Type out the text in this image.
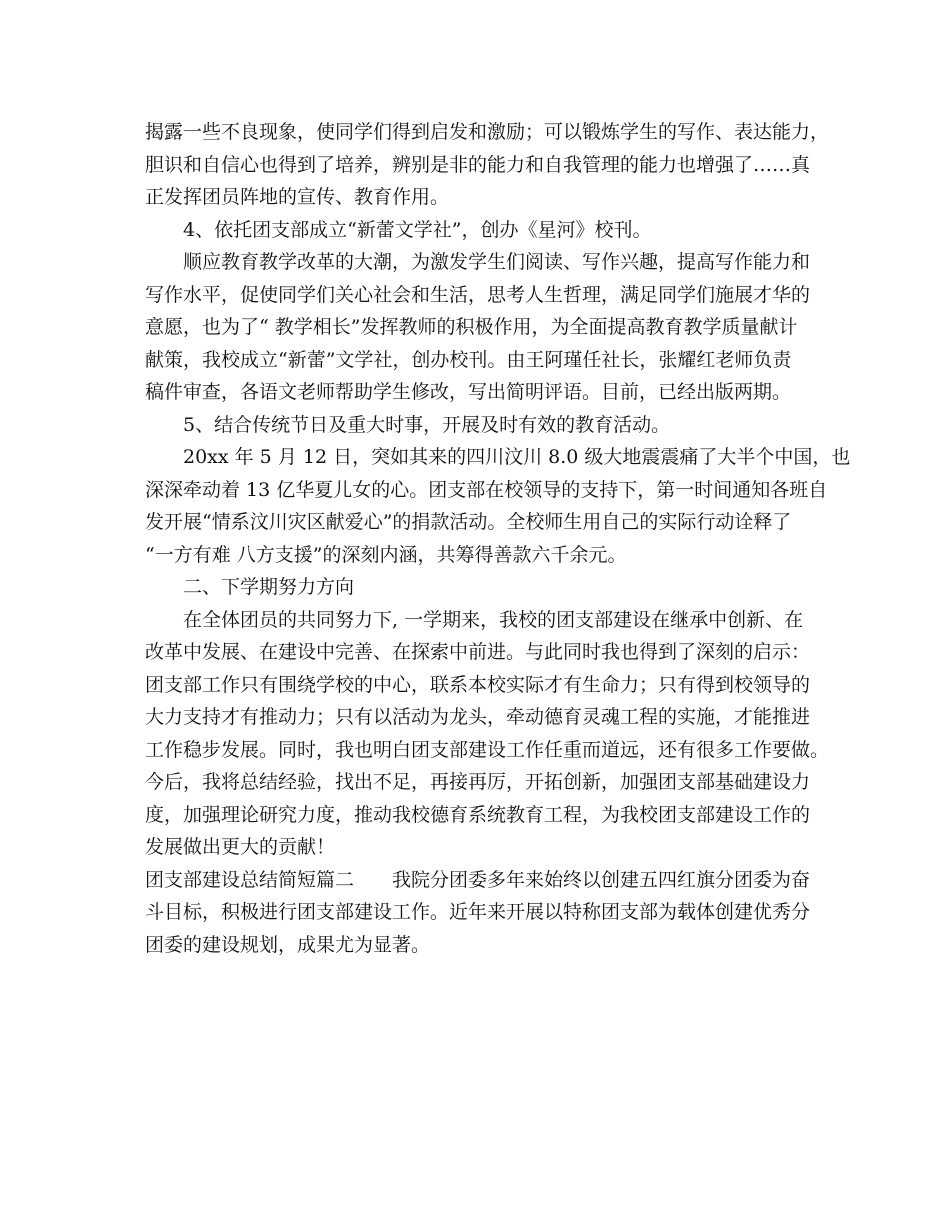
揭露一些不良现象，使同学们得到启发和激励；可以锻炼学生的写作、表达能力，
胆识和自信心也得到了培养，辨别是非的能力和自我管理的能力也增强了……真
正发挥团员阵地的宣传、教育作用。
4、依托团支部成立“新蕾文学社”，创办《星河》校刊。
顺应教育教学改革的大潮，为激发学生们阅读、写作兴趣，提高写作能力和
写作水平，促使同学们关心社会和生活，思考人生哲理，满足同学们施展才华的
意愿，也为了“ 教学相长”发挥教师的积极作用，为全面提高教育教学质量献计
献策，我校成立“新蕾”文学社，创办校刊。由王阿瑾任社长，张耀红老师负责
稿件审查，各语文老师帮助学生修改，写出简明评语。目前，已经出版两期。
5、结合传统节日及重大时事，开展及时有效的教育活动。
20xx 年 5 月 12 日，突如其来的四川汶川 8.0 级大地震震痛了大半个中国，也
深深牵动着 13 亿华夏儿女的心。团支部在校领导的支持下，第一时间通知各班自
发开展“情系汶川灾区献爱心”的捐款活动。全校师生用自己的实际行动诠释了
“一方有难 八方支援”的深刻内涵，共筹得善款六千余元。
二、下学期努力方向
在全体团员的共同努力下, 一学期来，我校的团支部建设在继承中创新、在
改革中发展、在建设中完善、在探索中前进。与此同时我也得到了深刻的启示：
团支部工作只有围绕学校的中心，联系本校实际才有生命力；只有得到校领导的
大力支持才有推动力；只有以活动为龙头，牵动德育灵魂工程的实施，才能推进
工作稳步发展。同时，我也明白团支部建设工作任重而道远，还有很多工作要做。
今后，我将总结经验，找出不足，再接再厉，开拓创新，加强团支部基础建设力
度，加强理论研究力度，推动我校德育系统教育工程，为我校团支部建设工作的
发展做出更大的贡献！
团支部建设总结简短篇二　　我院分团委多年来始终以创建五四红旗分团委为奋
斗目标，积极进行团支部建设工作。近年来开展以特称团支部为载体创建优秀分
团委的建设规划，成果尤为显著。
